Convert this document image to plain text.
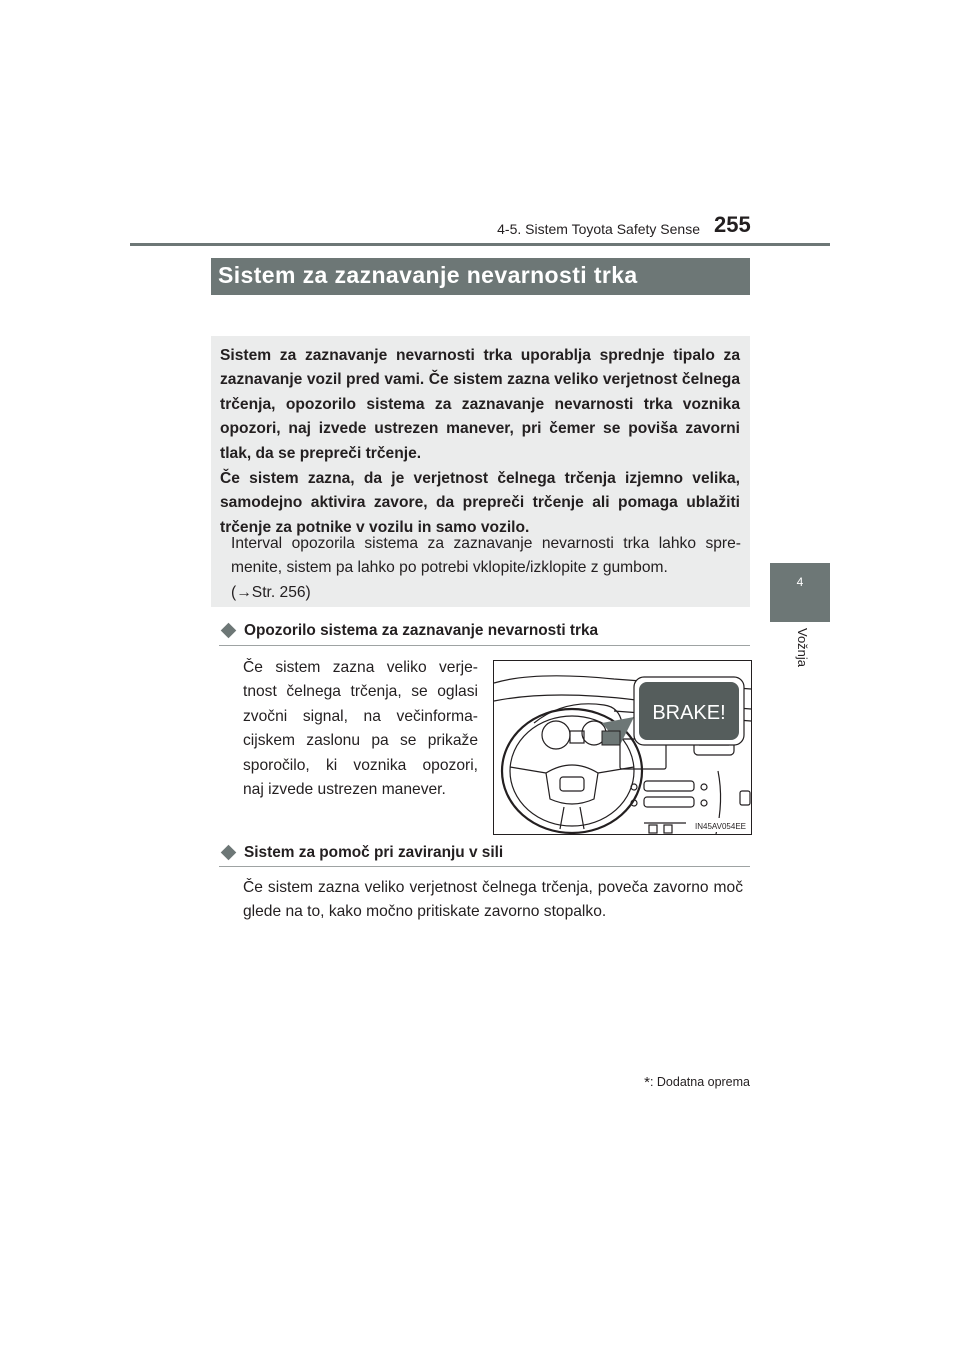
4-5. Sistem Toyota Safety Sense 255
4
Vožnja
Sistem za zaznavanje nevarnosti trka
(PCS)*
Sistem za zaznavanje nevarnosti trka uporablja sprednje tipalo za zaznavanje vozil pred vami. Če sistem zazna veliko verjetnost čelnega trčenja, opozorilo sistema za zaznavanje nevarnosti trka voznika opozori, naj izvede ustrezen manever, pri čemer se poviša zavorni tlak, da se prepreči trčenje.
Če sistem zazna, da je verjetnost čelnega trčenja izjemno velika, samodejno aktivira zavore, da prepreči trčenje ali pomaga ublažiti trčenje za potnike v vozilu in samo vozilo.
Interval opozorila sistema za zaznavanje nevarnosti trka lahko spremenite, sistem pa lahko po potrebi vklopite/izklopite z gumbom.
(→Str. 256)
Opozorilo sistema za zaznavanje nevarnosti trka
Če sistem zazna veliko verje-
tnost čelnega trčenja, se oglasi
zvočni signal, na večinforma-
cijskem zaslonu pa se prikaže
sporočilo, ki voznika opozori,
naj izvede ustrezen manever.
BRAKE!
IN45AV054EE
Sistem za pomoč pri zaviranju v sili
Če sistem zazna veliko verjetnost čelnega trčenja, poveča zavorno moč glede na to, kako močno pritiskate zavorno stopalko.
*: Dodatna oprema
